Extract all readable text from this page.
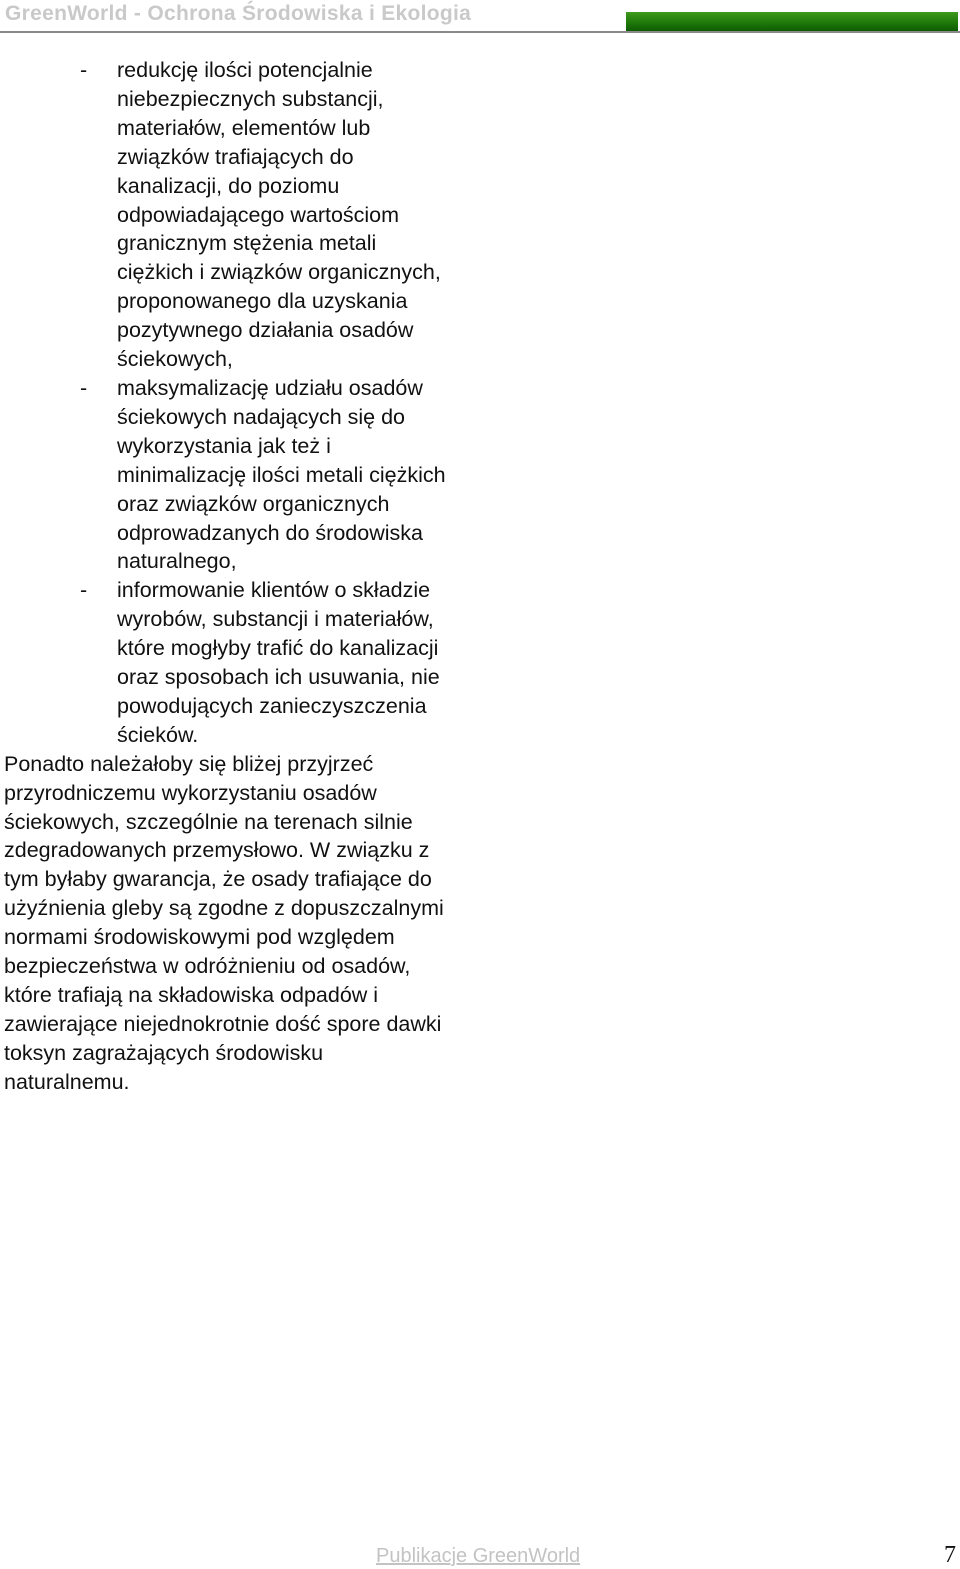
GreenWorld - Ochrona Środowiska i Ekologia
- redukcję ilości potencjalnie niebezpiecznych substancji, materiałów, elementów lub związków trafiających do kanalizacji, do poziomu odpowiadającego wartościom granicznym stężenia metali ciężkich i związków organicznych, proponowanego dla uzyskania pozytywnego działania osadów ściekowych,
- maksymalizację udziału osadów ściekowych nadających się do wykorzystania jak też i minimalizację ilości metali ciężkich oraz związków organicznych odprowadzanych do środowiska naturalnego,
- informowanie klientów o składzie wyrobów, substancji i materiałów, które mogłyby trafić do kanalizacji oraz sposobach ich usuwania, nie powodujących zanieczyszczenia ścieków.

Ponadto należałoby się bliżej przyjrzeć przyrodniczemu wykorzystaniu osadów ściekowych, szczególnie na terenach silnie zdegradowanych przemysłowo. W związku z tym byłaby gwarancja, że osady trafiające do użyźnienia gleby są zgodne z dopuszczalnymi normami środowiskowymi pod względem bezpieczeństwa w odróżnieniu od osadów, które trafiają na składowiska odpadów i zawierające niejednokrotnie dość spore dawki toksyn zagrażających środowisku naturalnemu.

Publikacje GreenWorld	7
